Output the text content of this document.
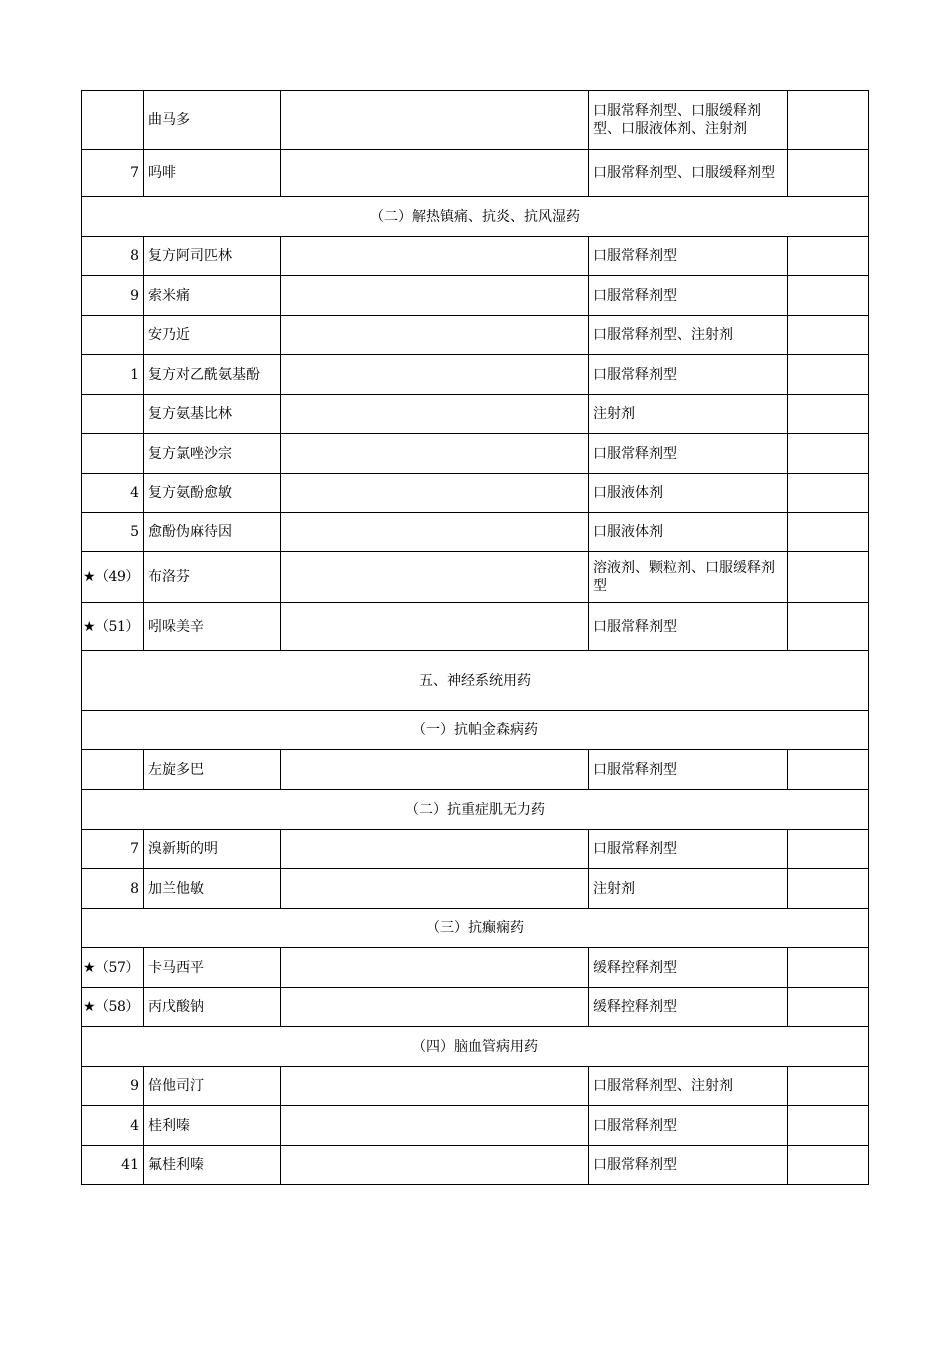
	曲马多		口服常释剂型、口服缓释剂型、口服液体剂、注射剂	
7	吗啡		口服常释剂型、口服缓释剂型	
（二）解热镇痛、抗炎、抗风湿药				
8	复方阿司匹林		口服常释剂型	
9	索米痛		口服常释剂型	
	安乃近		口服常释剂型、注射剂	
1	复方对乙酰氨基酚		口服常释剂型	
	复方氨基比林		注射剂	
	复方氯唑沙宗		口服常释剂型	
4	复方氨酚愈敏		口服液体剂	
5	愈酚伪麻待因		口服液体剂	
★（49）	布洛芬		溶液剂、颗粒剂、口服缓释剂型	
★（51）	吲哚美辛		口服常释剂型	
五、神经系统用药				
（一）抗帕金森病药				
	左旋多巴		口服常释剂型	
（二）抗重症肌无力药				
7	溴新斯的明		口服常释剂型	
8	加兰他敏		注射剂	
（三）抗癫痫药				
★（57）	卡马西平		缓释控释剂型	
★（58）	丙戊酸钠		缓释控释剂型	
（四）脑血管病用药				
9	倍他司汀		口服常释剂型、注射剂	
4	桂利嗪		口服常释剂型	
41	氟桂利嗪		口服常释剂型	
